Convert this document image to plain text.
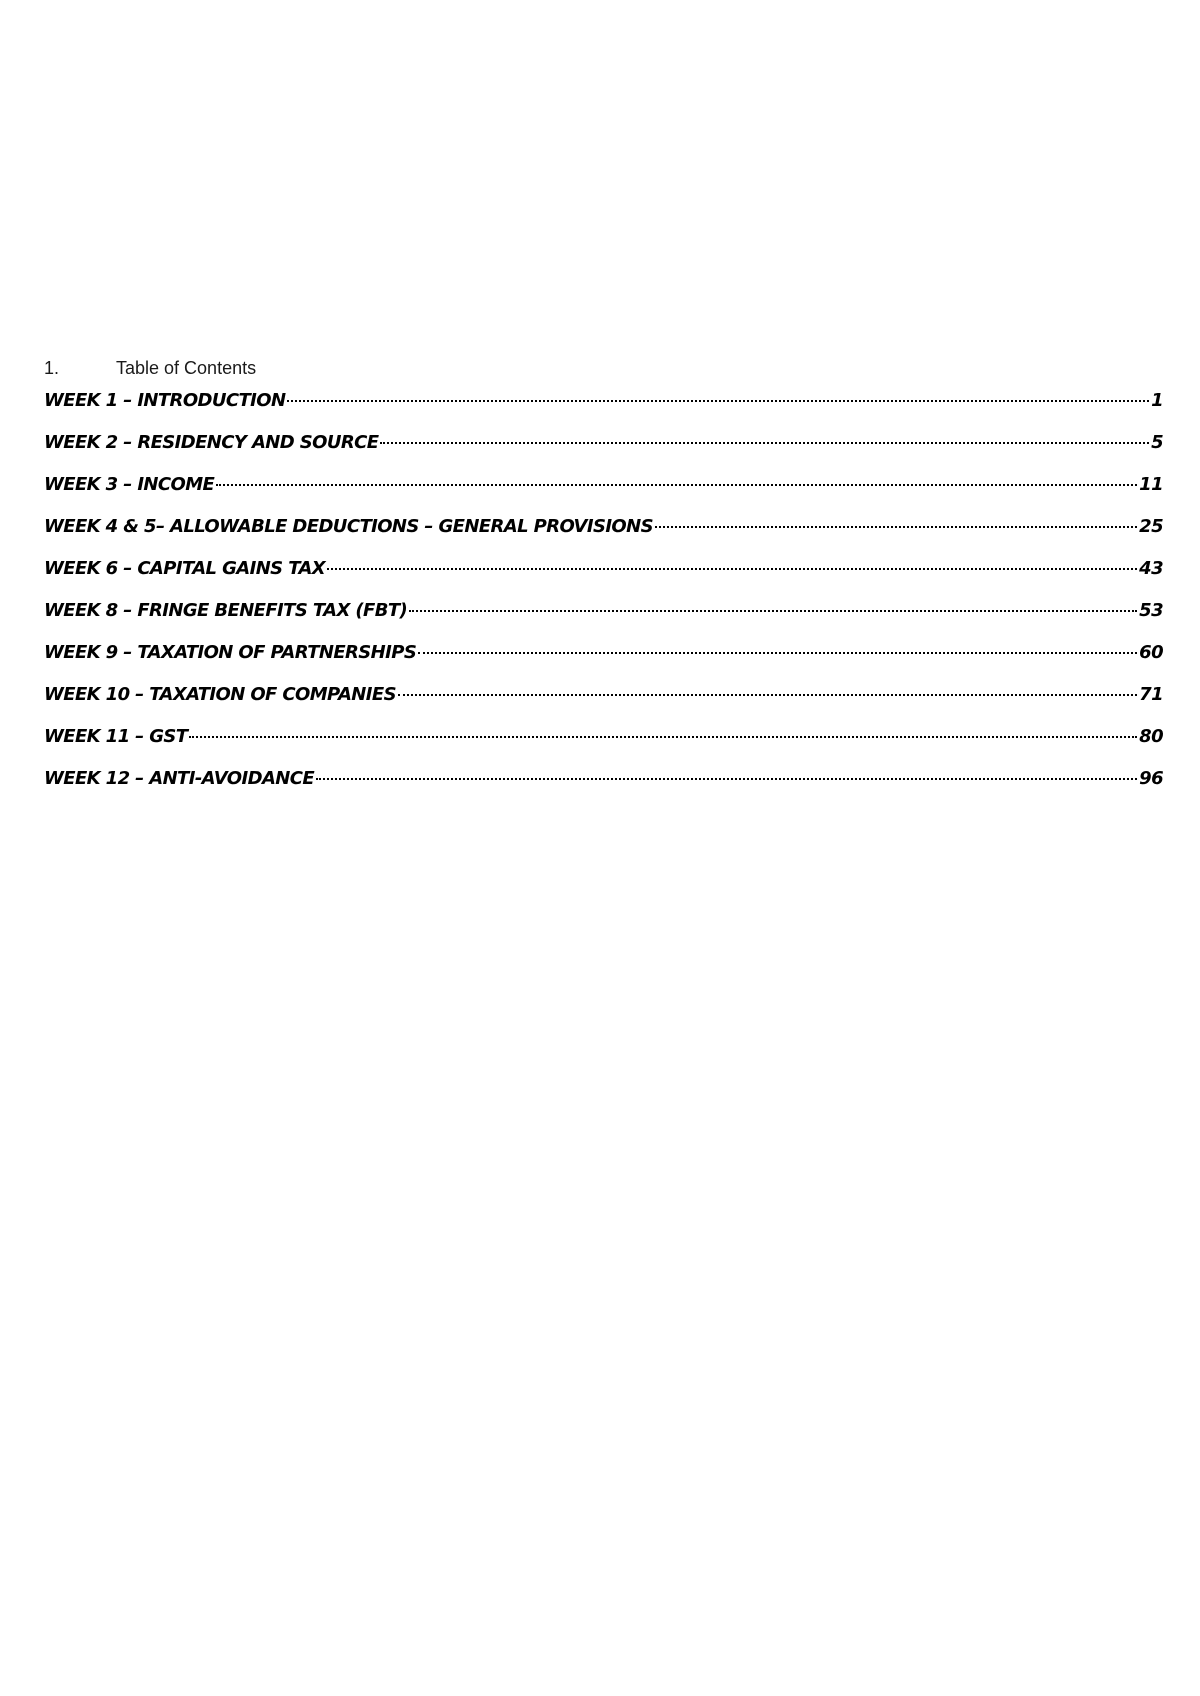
1.	Table of Contents
WEEK 1 – INTRODUCTION	1
WEEK 2 – RESIDENCY AND SOURCE	5
WEEK 3 – INCOME	11
WEEK 4 & 5– ALLOWABLE DEDUCTIONS – GENERAL PROVISIONS	25
WEEK 6 – CAPITAL GAINS TAX	43
WEEK 8 – FRINGE BENEFITS TAX (FBT)	53
WEEK 9 – TAXATION OF PARTNERSHIPS	60
WEEK 10 – TAXATION OF COMPANIES	71
WEEK 11 – GST	80
WEEK 12 – ANTI-AVOIDANCE	96
